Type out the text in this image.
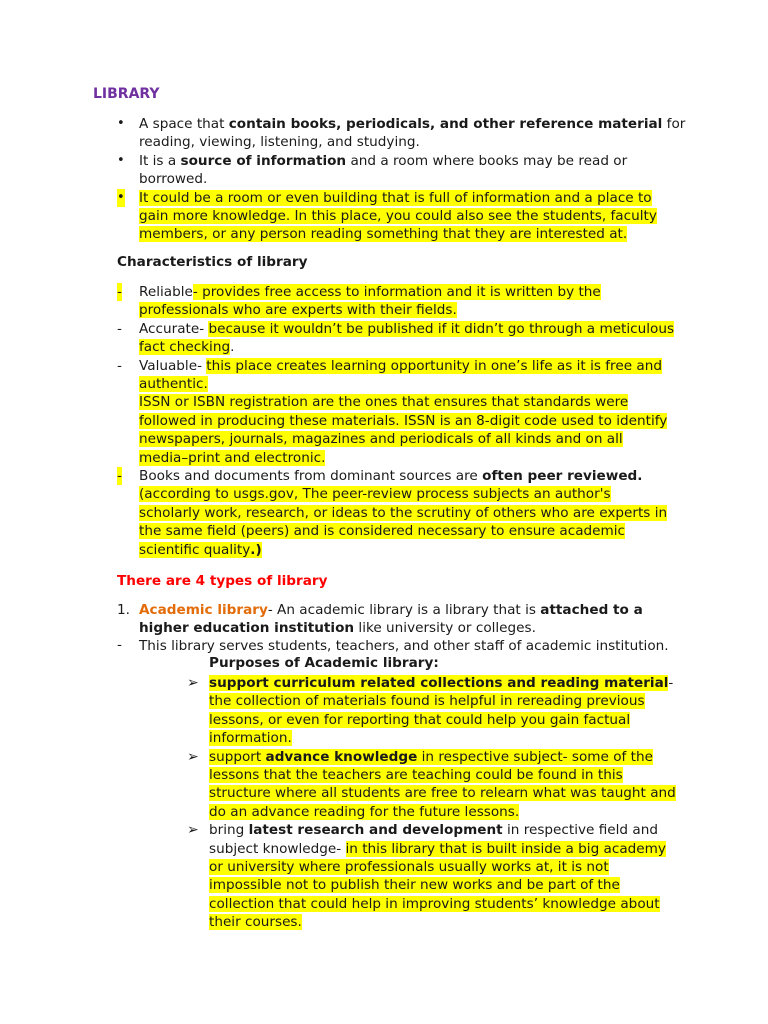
LIBRARY
• A space that contain books, periodicals, and other reference material for
reading, viewing, listening, and studying.
• It is a source of information and a room where books may be read or
borrowed.
• It could be a room or even building that is full of information and a place to
gain more knowledge. In this place, you could also see the students, faculty
members, or any person reading something that they are interested at.
Characteristics of library
- Reliable- provides free access to information and it is written by the
professionals who are experts with their fields.
- Accurate- because it wouldn’t be published if it didn’t go through a meticulous
fact checking.
- Valuable- this place creates learning opportunity in one’s life as it is free and
authentic.
ISSN or ISBN registration are the ones that ensures that standards were
followed in producing these materials. ISSN is an 8-digit code used to identify
newspapers, journals, magazines and periodicals of all kinds and on all
media–print and electronic.
- Books and documents from dominant sources are often peer reviewed.
(according to usgs.gov, The peer-review process subjects an author's
scholarly work, research, or ideas to the scrutiny of others who are experts in
the same field (peers) and is considered necessary to ensure academic
scientific quality.)
There are 4 types of library
1. Academic library- An academic library is a library that is attached to a
higher education institution like university or colleges.
- This library serves students, teachers, and other staff of academic institution.
Purposes of Academic library:
➢ support curriculum related collections and reading material-
the collection of materials found is helpful in rereading previous
lessons, or even for reporting that could help you gain factual
information.
➢ support advance knowledge in respective subject- some of the
lessons that the teachers are teaching could be found in this
structure where all students are free to relearn what was taught and
do an advance reading for the future lessons.
➢ bring latest research and development in respective field and
subject knowledge- in this library that is built inside a big academy
or university where professionals usually works at, it is not
impossible not to publish their new works and be part of the
collection that could help in improving students’ knowledge about
their courses.
